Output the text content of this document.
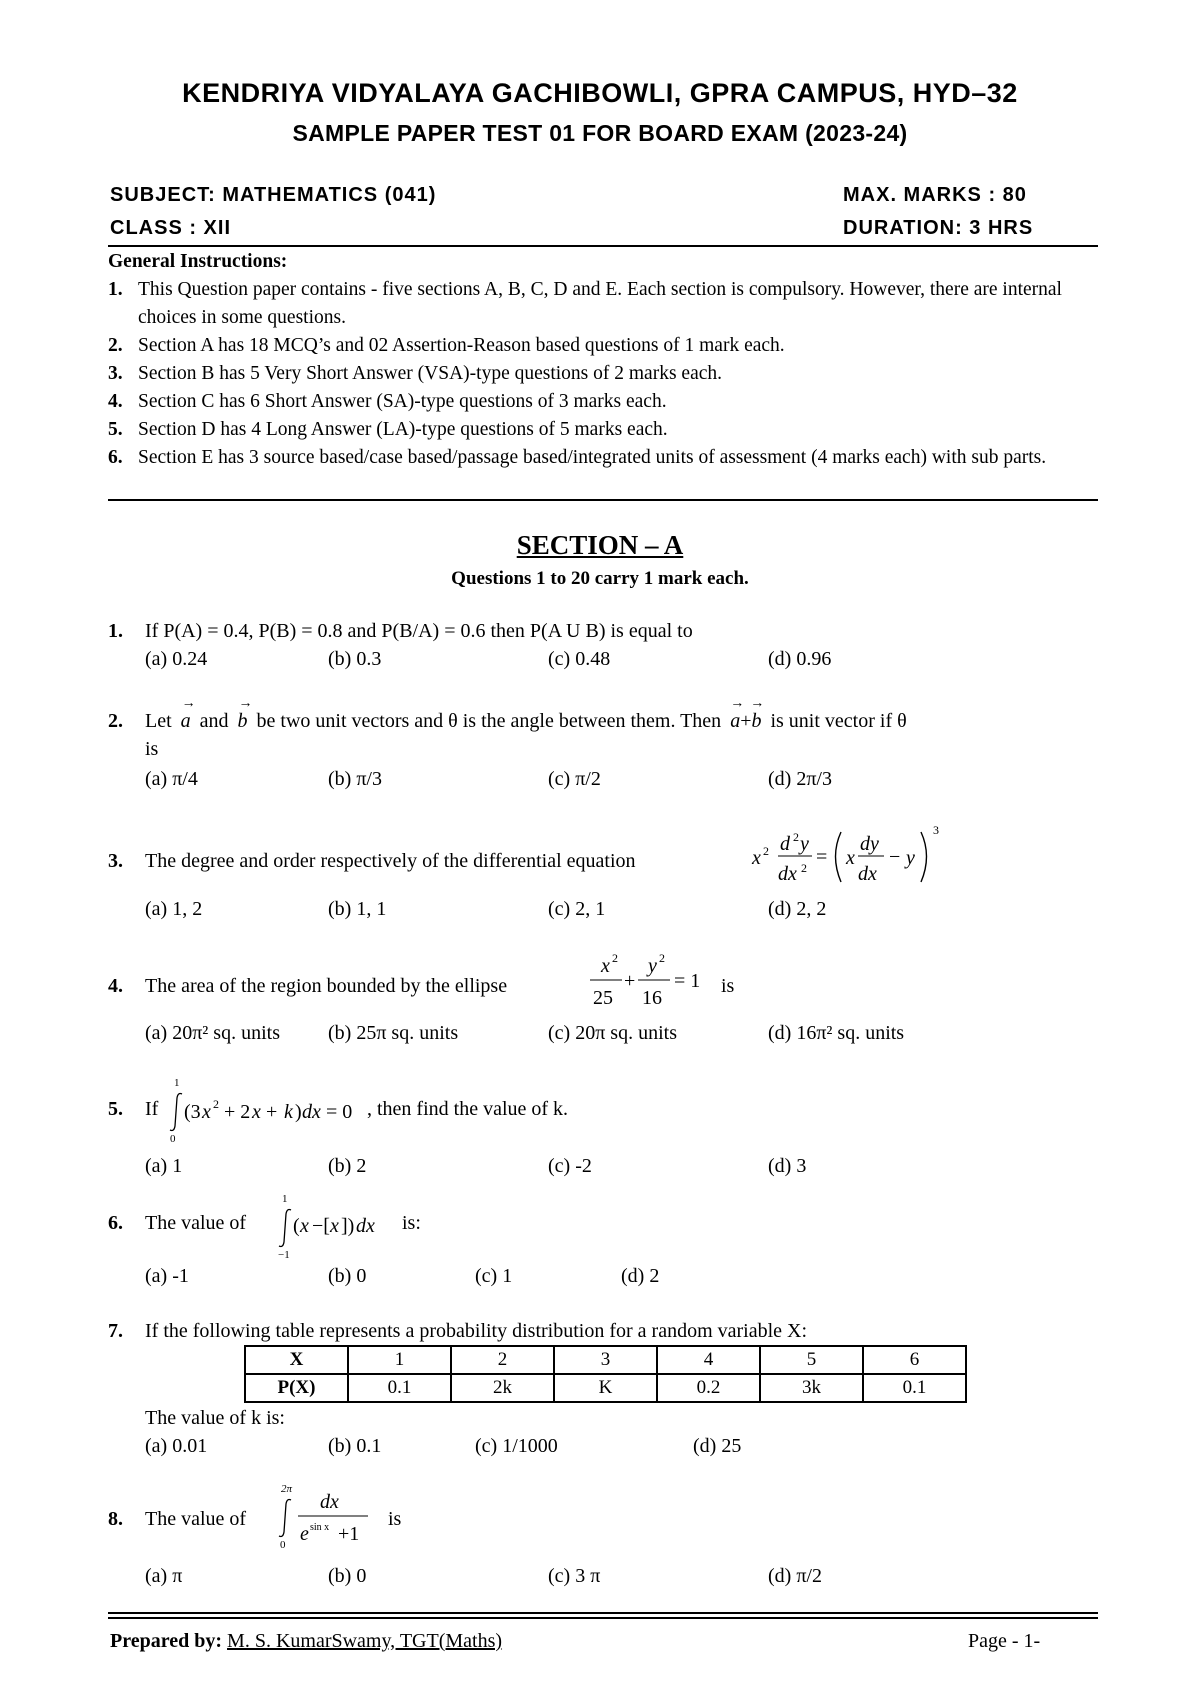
KENDRIYA VIDYALAYA GACHIBOWLI, GPRA CAMPUS, HYD–32
SAMPLE PAPER TEST 01 FOR BOARD EXAM (2023-24)
SUBJECT: MATHEMATICS (041)	MAX. MARKS : 80
CLASS : XII	DURATION: 3 HRS
General Instructions:
1. This Question paper contains - five sections A, B, C, D and E. Each section is compulsory. However, there are internal choices in some questions.
2. Section A has 18 MCQ’s and 02 Assertion-Reason based questions of 1 mark each.
3. Section B has 5 Very Short Answer (VSA)-type questions of 2 marks each.
4. Section C has 6 Short Answer (SA)-type questions of 3 marks each.
5. Section D has 4 Long Answer (LA)-type questions of 5 marks each.
6. Section E has 3 source based/case based/passage based/integrated units of assessment (4 marks each) with sub parts.
SECTION – A
Questions 1 to 20 carry 1 mark each.
1. If P(A) = 0.4, P(B) = 0.8 and P(B/A) = 0.6 then P(A U B) is equal to
(a) 0.24	(b) 0.3	(c) 0.48	(d) 0.96
2. Let
→
a and
→
b be two unit vectors and θ is the angle between them. Then
→→
a+b is unit vector if θ
is
(a) π/4	(b) π/3	(c) π/2	(d) 2π/3
3. The degree and order respectively of the differential equation	x 2 d 2 y
dx 2 = x
dy
dx
− y
3
(a) 1, 2	(b) 1, 1	(c) 2, 1	(d) 2, 2
4. The area of the region bounded by the ellipse
x 2
25
+
y 2
16
= 1 is
(a) 20π² sq. units (b) 25π sq. units	(c) 20π sq. units	(d) 16π² sq. units
5. If
1
0
(3 x 2 + 2 x + k ) dx = 0 , then find the value of k.
(a) 1	(b) 2	(c) -2	(d) 3
6. The value of
1
−1
( x −[ x ]) dx is:
(a) -1	(b) 0	(c) 1	(d) 2
7. If the following table represents a probability distribution for a random variable X:
X	1	2	3	4	5	6
P(X)	0.1	2k	K	0.2	3k	0.1
The value of k is:
(a) 0.01	(b) 0.1	(c) 1/1000	(d) 25
8. The value of
2π
0
dx
e sin x +1
is
(a) π	(b) 0	(c) 3 π	(d) π/2
Prepared by: M. S. KumarSwamy, TGT(Maths)	Page - 1-
